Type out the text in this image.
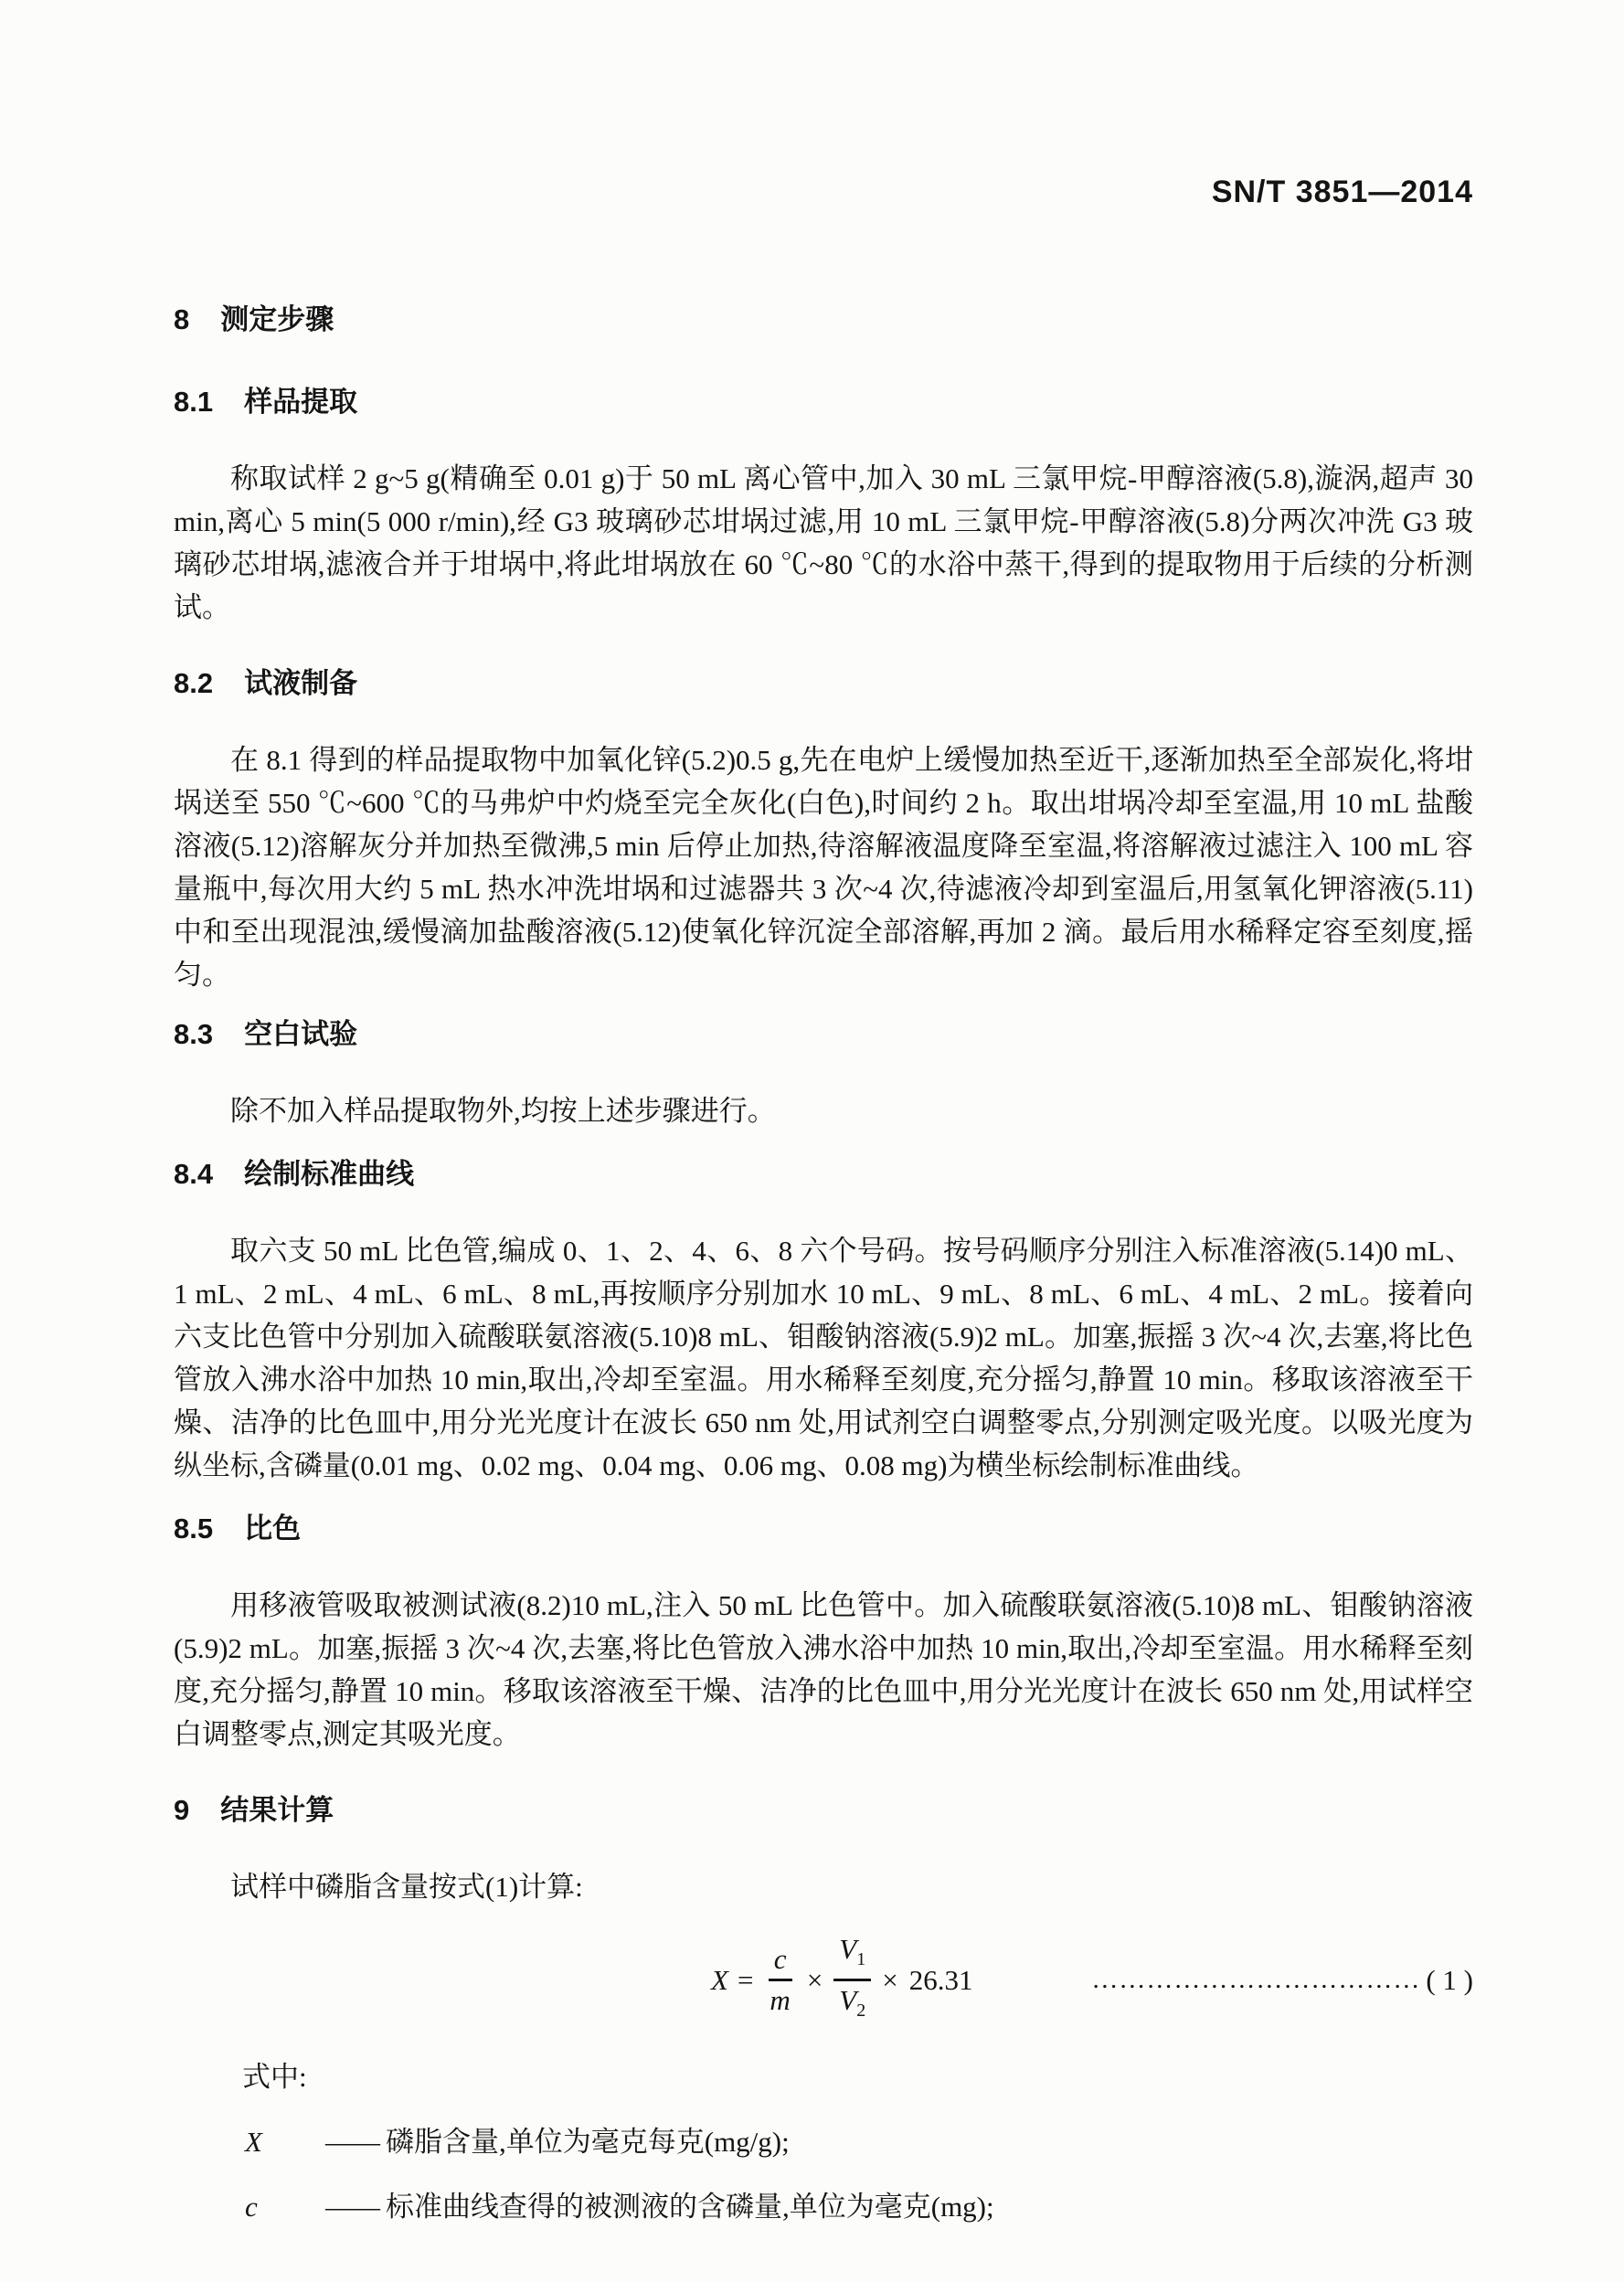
SN/T 3851—2014
8 测定步骤
8.1 样品提取

称取试样 2 g~5 g(精确至 0.01 g)于 50 mL 离心管中,加入 30 mL 三氯甲烷-甲醇溶液(5.8),漩涡,超声 30 min,离心 5 min(5 000 r/min),经 G3 玻璃砂芯坩埚过滤,用 10 mL 三氯甲烷-甲醇溶液(5.8)分两次冲洗 G3 玻璃砂芯坩埚,滤液合并于坩埚中,将此坩埚放在 60 ℃~80 ℃的水浴中蒸干,得到的提取物用于后续的分析测试。

8.2 试液制备

在 8.1 得到的样品提取物中加氧化锌(5.2)0.5 g,先在电炉上缓慢加热至近干,逐渐加热至全部炭化,将坩埚送至 550 ℃~600 ℃的马弗炉中灼烧至完全灰化(白色),时间约 2 h。取出坩埚冷却至室温,用 10 mL 盐酸溶液(5.12)溶解灰分并加热至微沸,5 min 后停止加热,待溶解液温度降至室温,将溶解液过滤注入 100 mL 容量瓶中,每次用大约 5 mL 热水冲洗坩埚和过滤器共 3 次~4 次,待滤液冷却到室温后,用氢氧化钾溶液(5.11)中和至出现混浊,缓慢滴加盐酸溶液(5.12)使氧化锌沉淀全部溶解,再加 2 滴。最后用水稀释定容至刻度,摇匀。

8.3 空白试验

除不加入样品提取物外,均按上述步骤进行。

8.4 绘制标准曲线

取六支 50 mL 比色管,编成 0、1、2、4、6、8 六个号码。按号码顺序分别注入标准溶液(5.14)0 mL、1 mL、2 mL、4 mL、6 mL、8 mL,再按顺序分别加水 10 mL、9 mL、8 mL、6 mL、4 mL、2 mL。接着向六支比色管中分别加入硫酸联氨溶液(5.10)8 mL、钼酸钠溶液(5.9)2 mL。加塞,振摇 3 次~4 次,去塞,将比色管放入沸水浴中加热 10 min,取出,冷却至室温。用水稀释至刻度,充分摇匀,静置 10 min。移取该溶液至干燥、洁净的比色皿中,用分光光度计在波长 650 nm 处,用试剂空白调整零点,分别测定吸光度。以吸光度为纵坐标,含磷量(0.01 mg、0.02 mg、0.04 mg、0.06 mg、0.08 mg)为横坐标绘制标准曲线。

8.5 比色

用移液管吸取被测试液(8.2)10 mL,注入 50 mL 比色管中。加入硫酸联氨溶液(5.10)8 mL、钼酸钠溶液(5.9)2 mL。加塞,振摇 3 次~4 次,去塞,将比色管放入沸水浴中加热 10 min,取出,冷却至室温。用水稀释至刻度,充分摇匀,静置 10 min。移取该溶液至干燥、洁净的比色皿中,用分光光度计在波长 650 nm 处,用试样空白调整零点,测定其吸光度。

9 结果计算

试样中磷脂含量按式(1)计算:

$X = \frac{c}{m} \times \frac{V_1}{V_2} \times 26.31$	……………………………… ( 1 )
式中:
X	—— 磷脂含量,单位为毫克每克(mg/g);
c	—— 标准曲线查得的被测液的含磷量,单位为毫克(mg);
